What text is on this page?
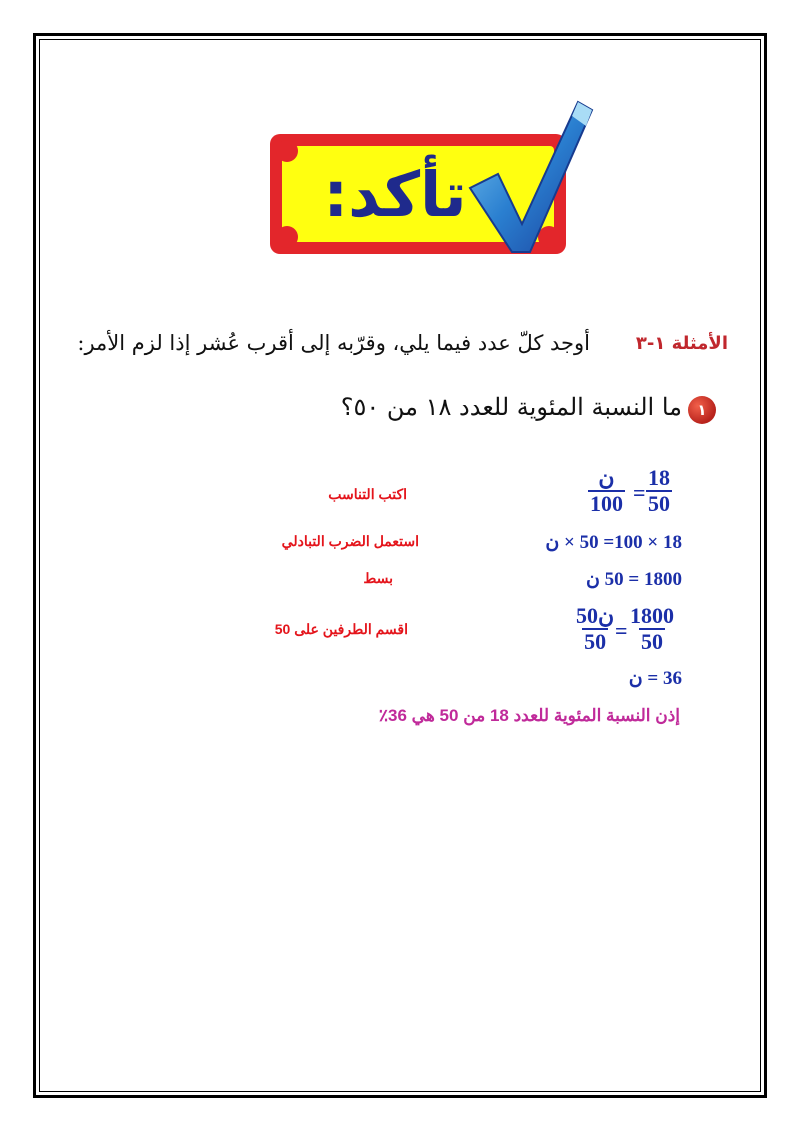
تأكد:
الأمثلة ١-٣
أوجد كلّ عدد فيما يلي، وقرّبه إلى أقرب عُشر إذا لزم الأمر:
١
ما النسبة المئوية للعدد ١٨ من ٥٠؟
ن
$100 = \frac{18}{50}$
اكتب التناسب
18 × 100= 50 × ن
استعمل الضرب التبادلي
1800 = 50 ن
بسط
50ن
$50 = \frac{1800}{50}$
اقسم الطرفين على 50
36 = ن
إذن النسبة المئوية للعدد 18 من 50 هي 36٪
